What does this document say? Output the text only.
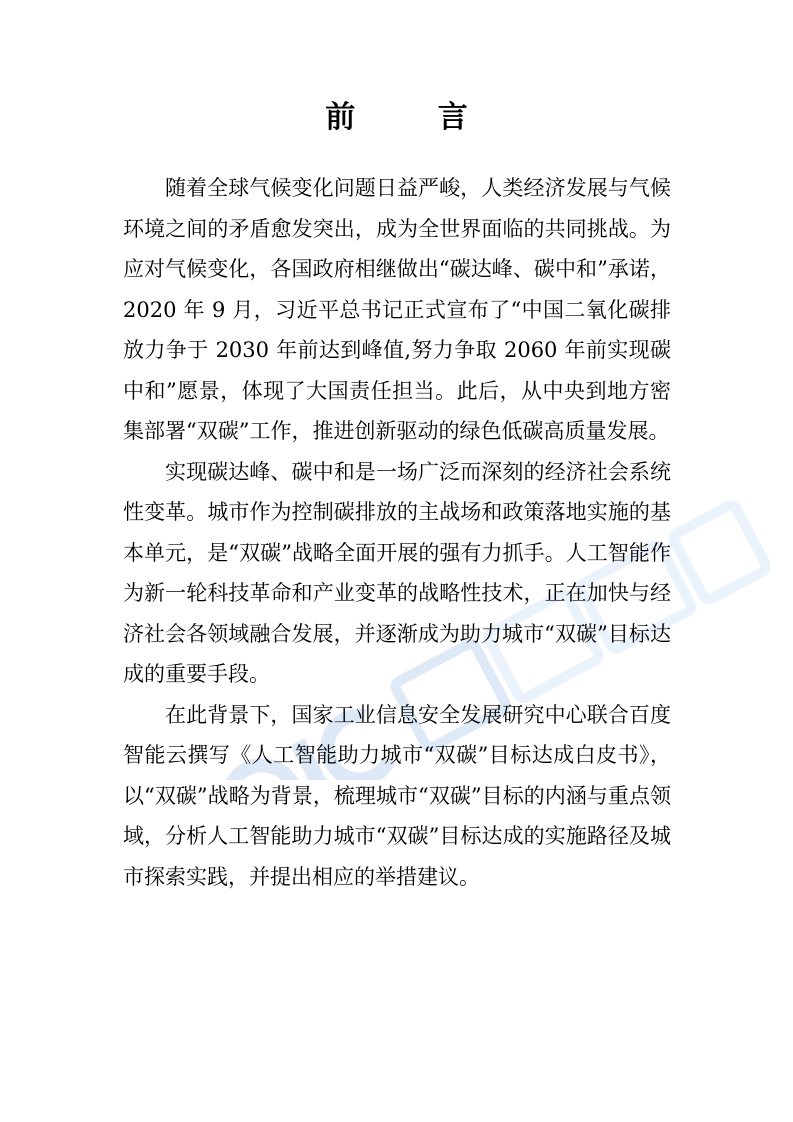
前 言

随着全球气候变化问题日益严峻，人类经济发展与气候环境之间的矛盾愈发突出，成为全世界面临的共同挑战。为应对气候变化，各国政府相继做出“碳达峰、碳中和”承诺，2020 年 9 月，习近平总书记正式宣布了“中国二氧化碳排放力争于 2030 年前达到峰值,努力争取 2060 年前实现碳中和”愿景，体现了大国责任担当。此后，从中央到地方密集部署“双碳”工作，推进创新驱动的绿色低碳高质量发展。

实现碳达峰、碳中和是一场广泛而深刻的经济社会系统性变革。城市作为控制碳排放的主战场和政策落地实施的基本单元，是“双碳”战略全面开展的强有力抓手。人工智能作为新一轮科技革命和产业变革的战略性技术，正在加快与经济社会各领域融合发展，并逐渐成为助力城市“双碳”目标达成的重要手段。

在此背景下，国家工业信息安全发展研究中心联合百度智能云撰写《人工智能助力城市“双碳”目标达成白皮书》，以“双碳”战略为背景，梳理城市“双碳”目标的内涵与重点领域，分析人工智能助力城市“双碳”目标达成的实施路径及城市探索实践，并提出相应的举措建议。
